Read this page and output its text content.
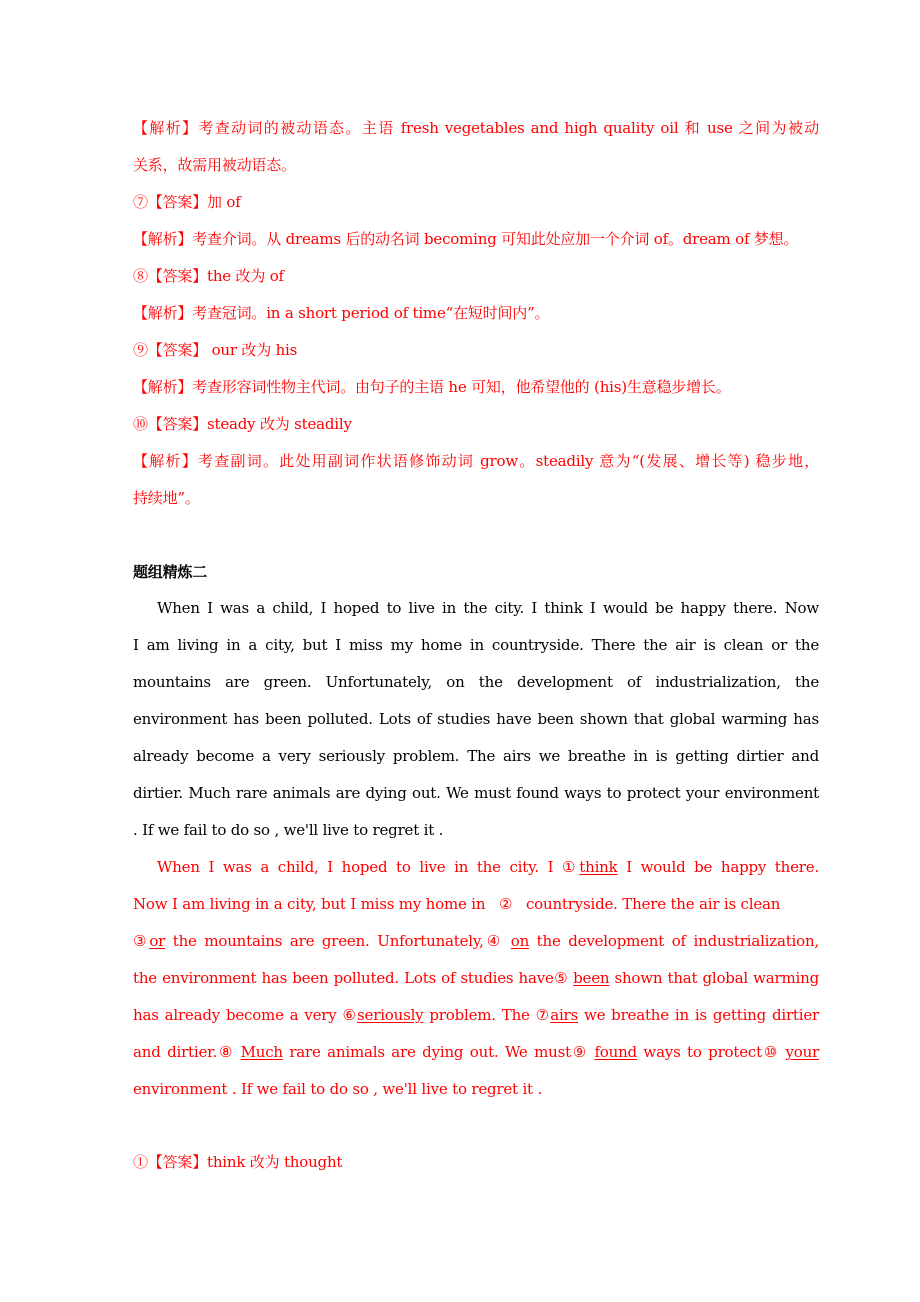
【解析】考查动词的被动语态。主语 fresh vegetables and high quality oil 和 use 之间为被动
关系，故需用被动语态。
⑦【答案】加 of
【解析】考查介词。从 dreams 后的动名词 becoming 可知此处应加一个介词 of。dream of 梦想。
⑧【答案】the 改为 of
【解析】考查冠词。in a short period of time“在短时间内”。
⑨【答案】 our 改为 his
【解析】考查形容词性物主代词。由句子的主语 he 可知，他希望他的 (his)生意稳步增长。
⑩【答案】steady 改为 steadily
【解析】考查副词。此处用副词作状语修饰动词 grow。steadily 意为“(发展、增长等) 稳步地，
持续地”。
题组精炼二
When I was a child, I hoped to live in the city. I think I would be happy there. Now
I am living in a city, but I miss my home in countryside. There the air is clean or the
mountains are green. Unfortunately, on the development of industrialization, the
environment has been polluted. Lots of studies have been shown that global warming has
already become a very seriously problem. The airs we breathe in is getting dirtier and
dirtier. Much rare animals are dying out. We must found ways to protect your environment
. If we fail to do so , we'll live to regret it .
When I was a child, I hoped to live in the city. I ①think I would be happy there.
Now I am living in a city, but I miss my home in   ②   countryside. There the air is clean
③or the mountains are green. Unfortunately,④ on the development of industrialization,
the environment has been polluted. Lots of studies have⑤ been shown that global warming
has already become a very ⑥seriously problem. The ⑦airs we breathe in is getting dirtier
and dirtier.⑧ Much rare animals are dying out. We must⑨ found ways to protect⑩ your
environment . If we fail to do so , we'll live to regret it .
①【答案】think 改为 thought
